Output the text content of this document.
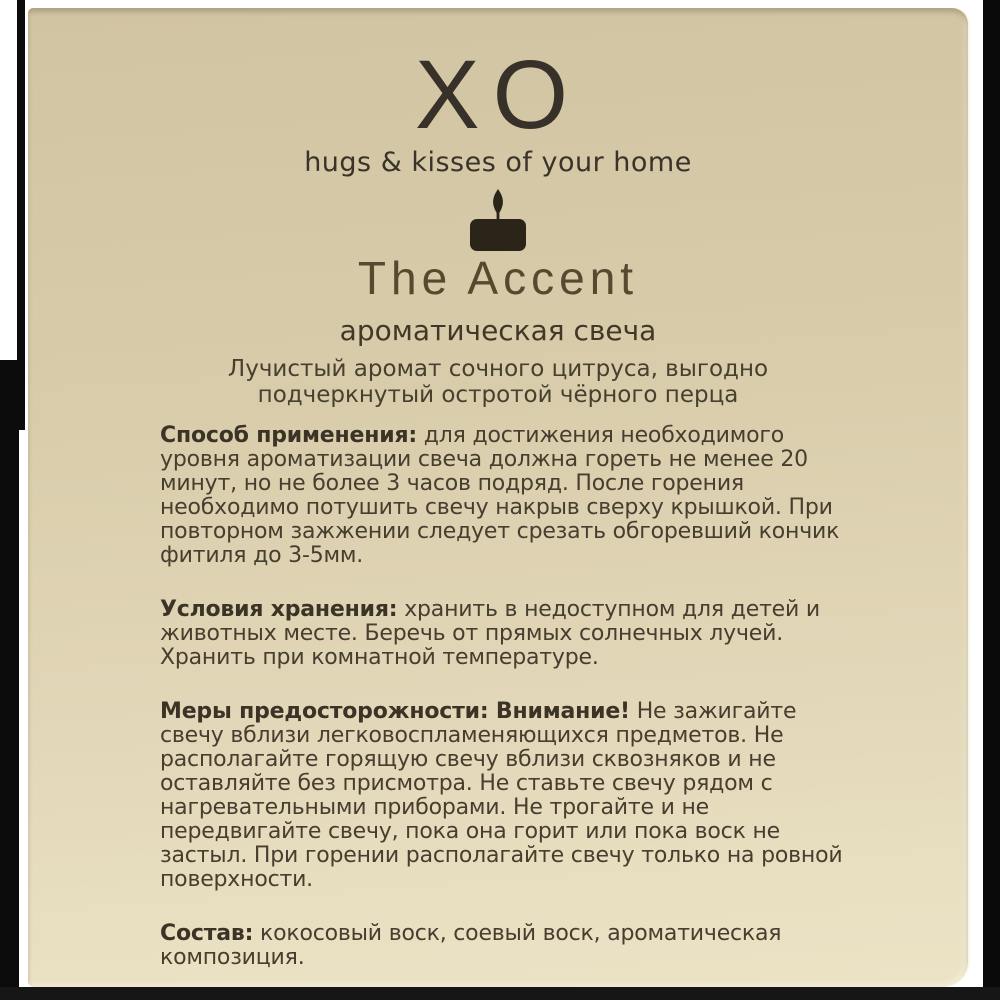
XO
hugs & kisses of your home
The Accent
ароматическая свеча
Лучистый аромат сочного цитруса, выгодно подчеркнутый остротой чёрного перца

Способ применения: для достижения необходимого уровня ароматизации свеча должна гореть не менее 20 минут, но не более 3 часов подряд. После горения необходимо потушить свечу накрыв сверху крышкой. При повторном зажжении следует срезать обгоревший кончик фитиля до 3-5мм.

Условия хранения: хранить в недоступном для детей и животных месте. Беречь от прямых солнечных лучей. Хранить при комнатной температуре.

Меры предосторожности: Внимание! Не зажигайте свечу вблизи легковоспламеняющихся предметов. Не располагайте горящую свечу вблизи сквозняков и не оставляйте без присмотра. Не ставьте свечу рядом с нагревательными приборами. Не трогайте и не передвигайте свечу, пока она горит или пока воск не застыл. При горении располагайте свечу только на ровной поверхности.

Состав: кокосовый воск, соевый воск, ароматическая композиция.
